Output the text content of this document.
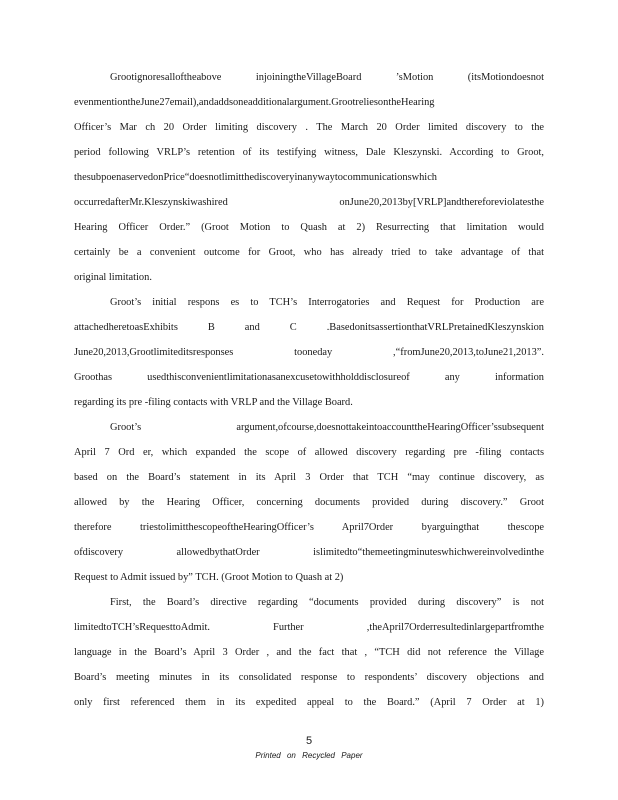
Grootignoresalloftheabove injoiningtheVillageBoard ’sMotion (itsMotiondoesnot
evenmentiontheJune27email),andaddsoneadditionalargument.GrootreliesontheHearing
Officer’s Mar ch 20 Order limiting discovery . The March 20 Order limited discovery to the
period following VRLP’s retention of its testifying witness, Dale Kleszynski. According to Groot,
thesubpoenaservedonPrice“doesnotlimitthediscoveryinanywaytocommunicationswhich
occurredafterMr.Kleszynskiwashired onJune20,2013by[VRLP]andthereforeviolatesthe
Hearing Officer Order.” (Groot Motion to Quash at 2) Resurrecting that limitation would
certainly be a convenient outcome for Groot, who has already tried to take advantage of that
original limitation.
Groot’s initial respons es to TCH’s Interrogatories and Request for Production are
attachedheretoasExhibits B and C .BasedonitsassertionthatVRLPretainedKleszynskion
June20,2013,Grootlimiteditsresponses tooneday ,“fromJune20,2013,toJune21,2013”.
Groothas usedthisconvenientlimitationasanexcusetowithholddisclosureof any information
regarding its pre -filing contacts with VRLP and the Village Board.
Groot’s argument,ofcourse,doesnottakeintoaccounttheHearingOfficer’ssubsequent
April 7 Ord er, which expanded the scope of allowed discovery regarding pre -filing contacts
based on the Board’s statement in its April 3 Order that TCH “may continue discovery, as
allowed by the Hearing Officer, concerning documents provided during discovery.” Groot
therefore triestolimitthescopeoftheHearingOfficer’s April7Order byarguingthat thescope
ofdiscovery allowedbythatOrder islimitedto“themeetingminuteswhichwereinvolvedinthe
Request to Admit issued by” TCH. (Groot Motion to Quash at 2)
First, the Board’s directive regarding “documents provided during discovery” is not
limitedtoTCH’sRequesttoAdmit. Further ,theApril7Orderresultedinlargepartfromthe
language in the Board’s April 3 Order , and the fact that , “TCH did not reference the Village
Board’s meeting minutes in its consolidated response to respondents’ discovery objections and
only first referenced them in its expedited appeal to the Board.” (April 7 Order at 1)
5
Printed on Recycled Paper
